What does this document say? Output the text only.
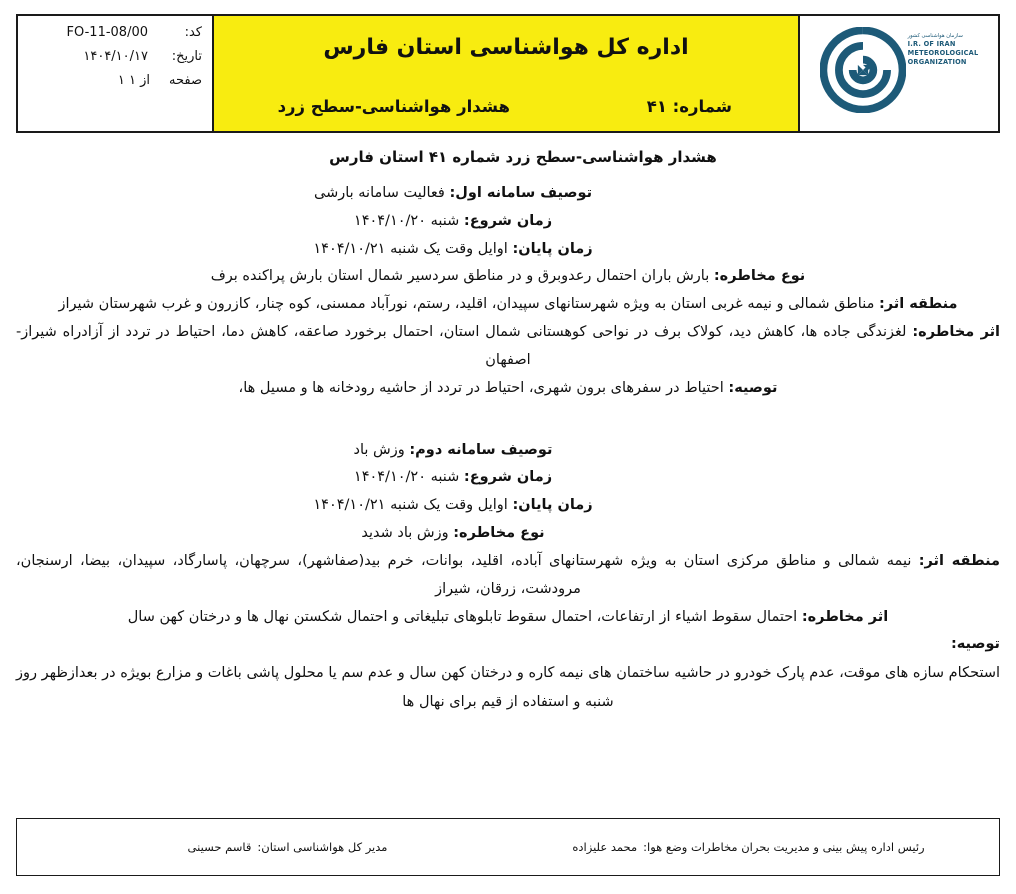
سازمان هواشناسی کشور
I.R. OF IRAN
METEOROLOGICAL
ORGANIZATION
اداره کل هواشناسی استان فارس
هشدار هواشناسی-سطح زرد	شماره: ۴۱
کد:
FO-11-08/00
تاریخ:
۱۴۰۴/۱۰/۱۷
صفحه
۱ از ۱
هشدار هواشناسی-سطح زرد شماره ۴۱ استان فارس

توصیف سامانه اول: فعالیت سامانه بارشی

زمان شروع: شنبه ۱۴۰۴/۱۰/۲۰

زمان پایان: اوایل وقت یک شنبه ۱۴۰۴/۱۰/۲۱

نوع مخاطره: بارش باران احتمال رعدوبرق و در مناطق سردسیر شمال استان بارش پراکنده برف

منطقه اثر: مناطق شمالی و نیمه غربی استان به ویژه شهرستانهای سپیدان، اقلید، رستم، نورآباد ممسنی، کوه چنار، کازرون و غرب شهرستان شیراز

اثر مخاطره: لغزندگی جاده ها، کاهش دید، کولاک برف در نواحی کوهستانی شمال استان، احتمال برخورد صاعقه، کاهش دما، احتیاط در تردد از آزادراه شیراز-اصفهان

توصیه: احتیاط در سفرهای برون شهری، احتیاط در تردد از حاشیه رودخانه ها و مسیل ها،

توصیف سامانه دوم: وزش باد

زمان شروع: شنبه ۱۴۰۴/۱۰/۲۰

زمان پایان: اوایل وقت یک شنبه ۱۴۰۴/۱۰/۲۱

نوع مخاطره: وزش باد شدید

منطقه اثر: نیمه شمالی و مناطق مرکزی استان به ویژه شهرستانهای آباده، اقلید، بوانات، خرم بید(صفاشهر)، سرچهان، پاسارگاد، سپیدان، بیضا، ارسنجان، مرودشت، زرقان، شیراز

اثر مخاطره: احتمال سقوط اشیاء از ارتفاعات، احتمال سقوط تابلوهای تبلیغاتی و احتمال شکستن نهال ها و درختان کهن سال

توصیه:

استحکام سازه های موقت، عدم پارک خودرو در حاشیه ساختمان های نیمه کاره و درختان کهن سال و عدم سم یا محلول پاشی باغات و مزارع بویژه در بعدازظهر روز شنبه و استفاده از قیم برای نهال ها

رئیس اداره پیش بینی و مدیریت بحران مخاطرات وضع هوا:محمد علیزاده
مدیر کل هواشناسی استان:قاسم حسینی
